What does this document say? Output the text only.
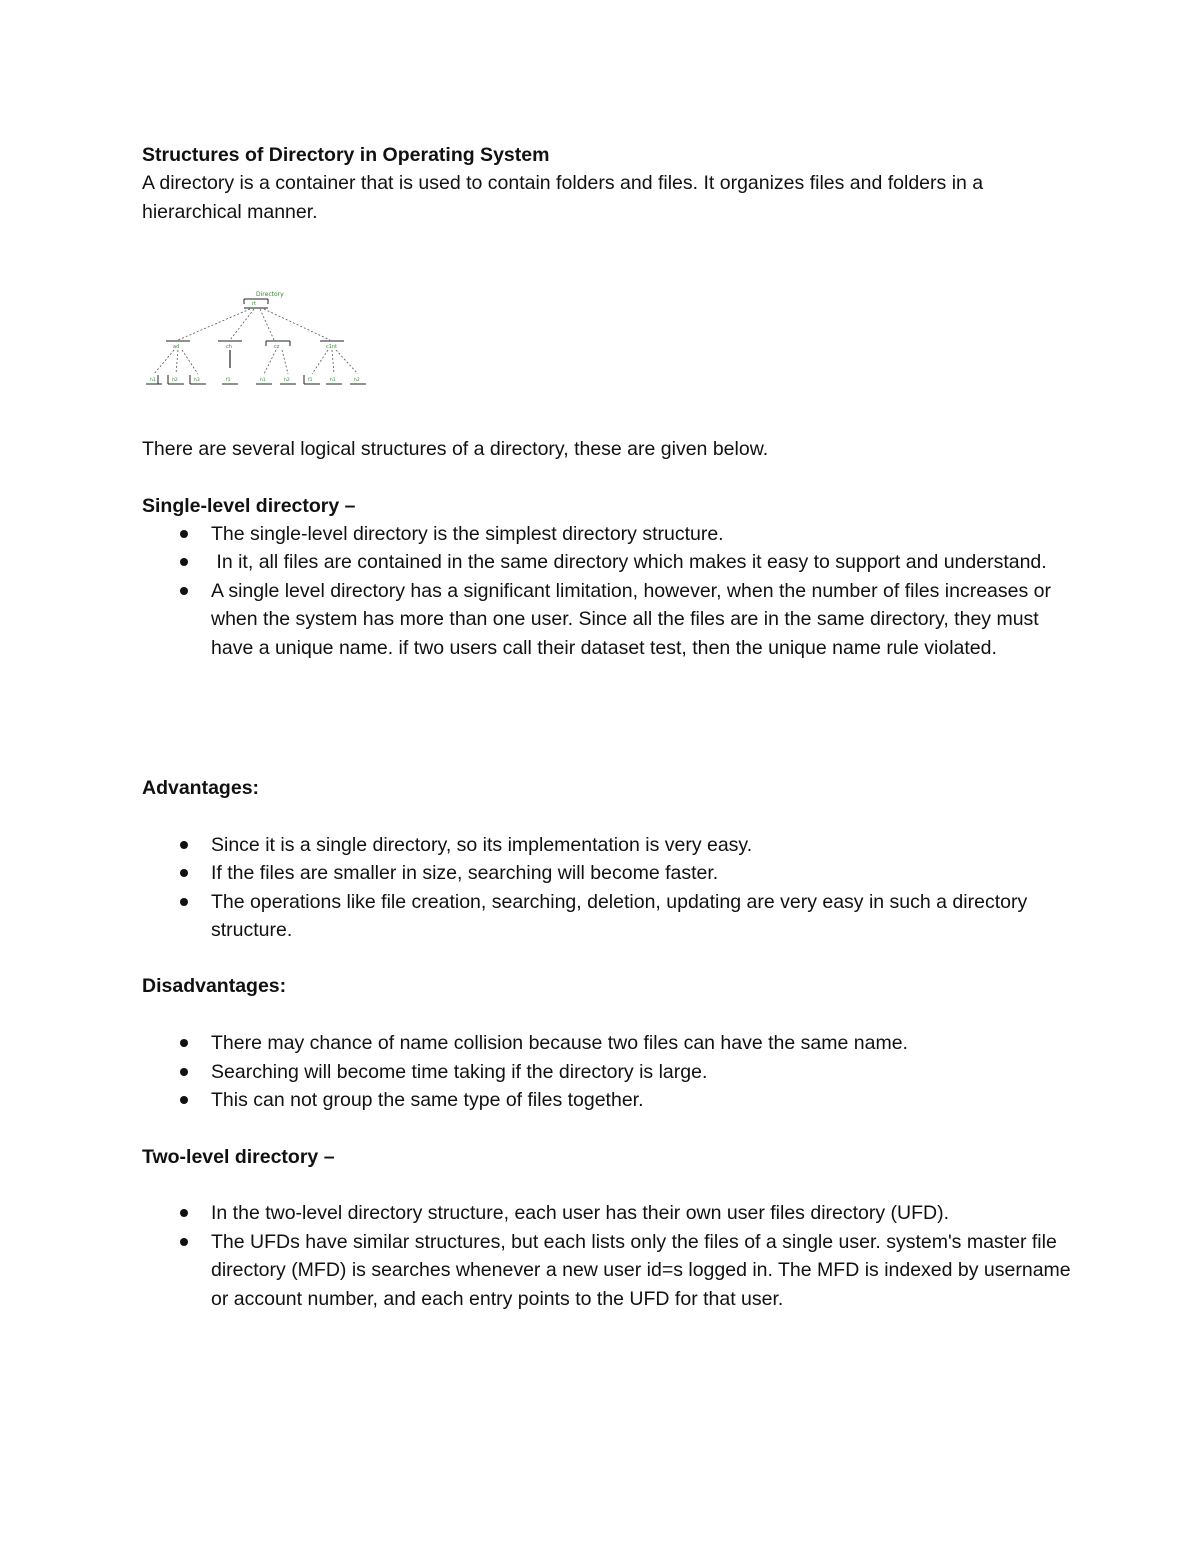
Structures of Directory in Operating System

A directory is a container that is used to contain folders and files. It organizes files and folders in a hierarchical manner.

Directory
rt
ad	ch	cz	c1nt
h1	h2	h3	f1	h1	h2	f1	h1	h2

There are several logical structures of a directory, these are given below.

Single-level directory –

The single-level directory is the simplest directory structure.
In it, all files are contained in the same directory which makes it easy to support and understand.
A single level directory has a significant limitation, however, when the number of files increases or when the system has more than one user. Since all the files are in the same directory, they must have a unique name. if two users call their dataset test, then the unique name rule violated.

Advantages:

Since it is a single directory, so its implementation is very easy.
If the files are smaller in size, searching will become faster.
The operations like file creation, searching, deletion, updating are very easy in such a directory structure.

Disadvantages:

There may chance of name collision because two files can have the same name.
Searching will become time taking if the directory is large.
This can not group the same type of files together.

Two-level directory –

In the two-level directory structure, each user has their own user files directory (UFD).
The UFDs have similar structures, but each lists only the files of a single user. system's master file directory (MFD) is searches whenever a new user id=s logged in. The MFD is indexed by username or account number, and each entry points to the UFD for that user.
